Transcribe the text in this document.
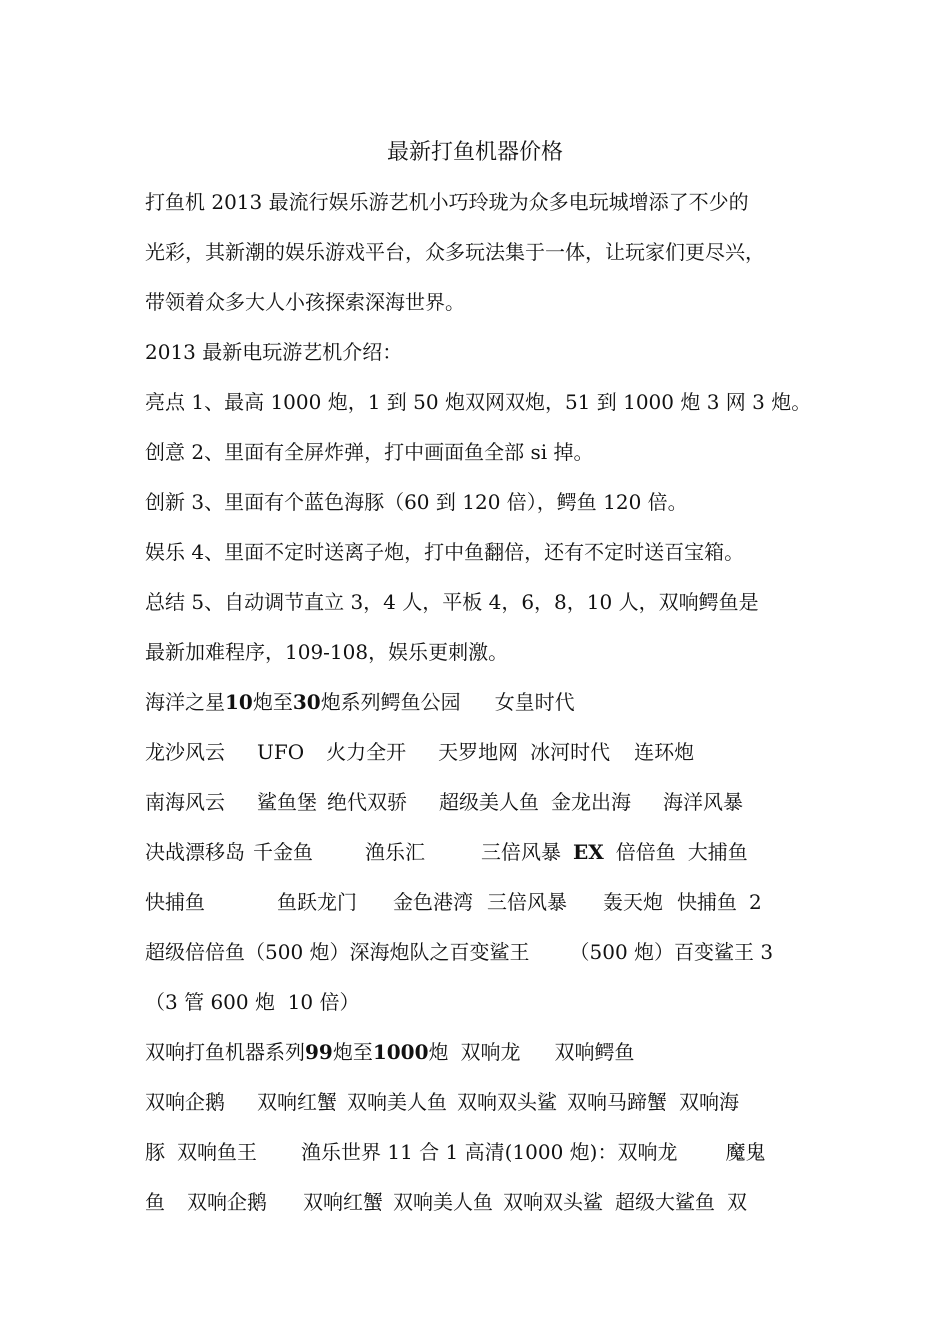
最新打鱼机器价格
打鱼机 2013 最流行娱乐游艺机小巧玲珑为众多电玩城增添了不少的
光彩，其新潮的娱乐游戏平台，众多玩法集于一体，让玩家们更尽兴，
带领着众多大人小孩探索深海世界。
2013 最新电玩游艺机介绍：
亮点 1、最高 1000 炮，1 到 50 炮双网双炮，51 到 1000 炮 3 网 3 炮。
创意 2、里面有全屏炸弹，打中画面鱼全部 si 掉。
创新 3、里面有个蓝色海豚（60 到 120 倍），鳄鱼 120 倍。
娱乐 4、里面不定时送离子炮，打中鱼翻倍，还有不定时送百宝箱。
总结 5、自动调节直立 3，4 人，平板 4，6，8，10 人，双响鳄鱼是
最新加难程序，109-108，娱乐更刺激。
海洋之星 10 炮至 30 炮系列鳄鱼公园 女皇时代
龙沙风云 UFO 火力全开 天罗地网 冰河时代 连环炮
南海风云 鲨鱼堡 绝代双骄 超级美人鱼 金龙出海 海洋风暴
决战漂移岛 千金鱼	渔乐汇	三倍风暴 EX 倍倍鱼 大捕鱼
快捕鱼	鱼跃龙门 金色港湾 三倍风暴 轰天炮 快捕鱼 2
超级倍倍鱼（500 炮）深海炮队之百变鲨王 （500 炮）百变鲨王 3
（3 管 600 炮  10 倍）
双响打鱼机器系列 99 炮至 1000 炮 双响龙 双响鳄鱼
双响企鹅 双响红蟹 双响美人鱼 双响双头鲨 双响马蹄蟹 双响海
豚 双响鱼王 渔乐世界 11 合 1 高清(1000 炮)：双响龙 魔鬼
鱼 双响企鹅 双响红蟹 双响美人鱼 双响双头鲨 超级大鲨鱼 双
